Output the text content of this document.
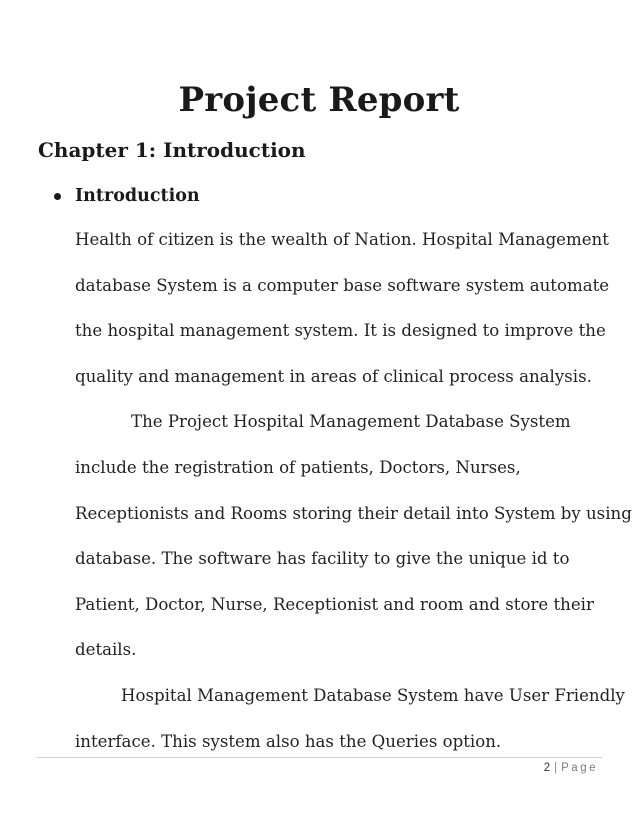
Project Report
Chapter 1: Introduction
Introduction
Health of citizen is the wealth of Nation. Hospital Management
database System is a computer base software system automate
the hospital management system. It is designed to improve the
quality and management in areas of clinical process analysis.
The Project Hospital Management Database System
include the registration of patients, Doctors, Nurses,
Receptionists and Rooms storing their detail into System by using
database. The software has facility to give the unique id to
Patient, Doctor, Nurse, Receptionist and room and store their
details.
Hospital Management Database System have User Friendly
interface. This system also has the Queries option.
2 | Page
